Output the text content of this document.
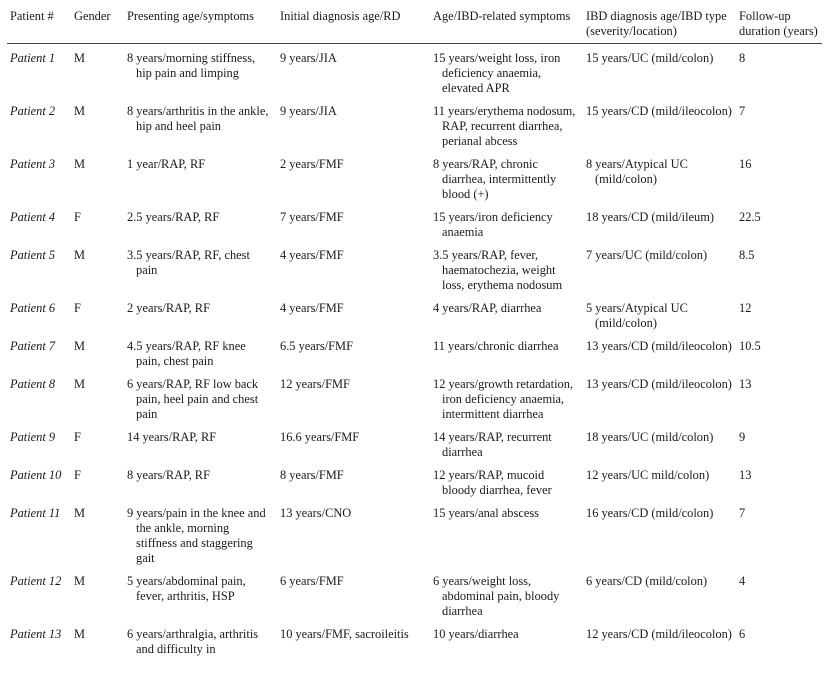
Patient #	Gender	Presenting age/symptoms	Initial diagnosis age/RD	Age/IBD-related symptoms	IBD diagnosis age/IBD type (severity/location)	Follow-up duration (years)
Patient 1	M	8 years/morning stiffness, hip pain and limping	9 years/JIA	15 years/weight loss, iron deficiency anaemia, elevated APR	15 years/UC (mild/colon)	8
Patient 2	M	8 years/arthritis in the ankle, hip and heel pain	9 years/JIA	11 years/erythema nodosum, RAP, recurrent diarrhea, perianal abcess	15 years/CD (mild/ileocolon)	7
Patient 3	M	1 year/RAP, RF	2 years/FMF	8 years/RAP, chronic diarrhea, intermittently blood (+)	8 years/Atypical UC (mild/colon)	16
Patient 4	F	2.5 years/RAP, RF	7 years/FMF	15 years/iron deficiency anaemia	18 years/CD (mild/ileum)	22.5
Patient 5	M	3.5 years/RAP, RF, chest pain	4 years/FMF	3.5 years/RAP, fever, haematochezia, weight loss, erythema nodosum	7 years/UC (mild/colon)	8.5
Patient 6	F	2 years/RAP, RF	4 years/FMF	4 years/RAP, diarrhea	5 years/Atypical UC (mild/colon)	12
Patient 7	M	4.5 years/RAP, RF knee pain, chest pain	6.5 years/FMF	11 years/chronic diarrhea	13 years/CD (mild/ileocolon)	10.5
Patient 8	M	6 years/RAP, RF low back pain, heel pain and chest pain	12 years/FMF	12 years/growth retardation, iron deficiency anaemia, intermittent diarrhea	13 years/CD (mild/ileocolon)	13
Patient 9	F	14 years/RAP, RF	16.6 years/FMF	14 years/RAP, recurrent diarrhea	18 years/UC (mild/colon)	9
Patient 10	F	8 years/RAP, RF	8 years/FMF	12 years/RAP, mucoid bloody diarrhea, fever	12 years/UC mild/colon)	13
Patient 11	M	9 years/pain in the knee and the ankle, morning stiffness and staggering gait	13 years/CNO	15 years/anal abscess	16 years/CD (mild/colon)	7
Patient 12	M	5 years/abdominal pain, fever, arthritis, HSP	6 years/FMF	6 years/weight loss, abdominal pain, bloody diarrhea	6 years/CD (mild/colon)	4
Patient 13	M	6 years/arthralgia, arthritis and difficulty in	10 years/FMF, sacroileitis	10 years/diarrhea	12 years/CD (mild/ileocolon)	6
